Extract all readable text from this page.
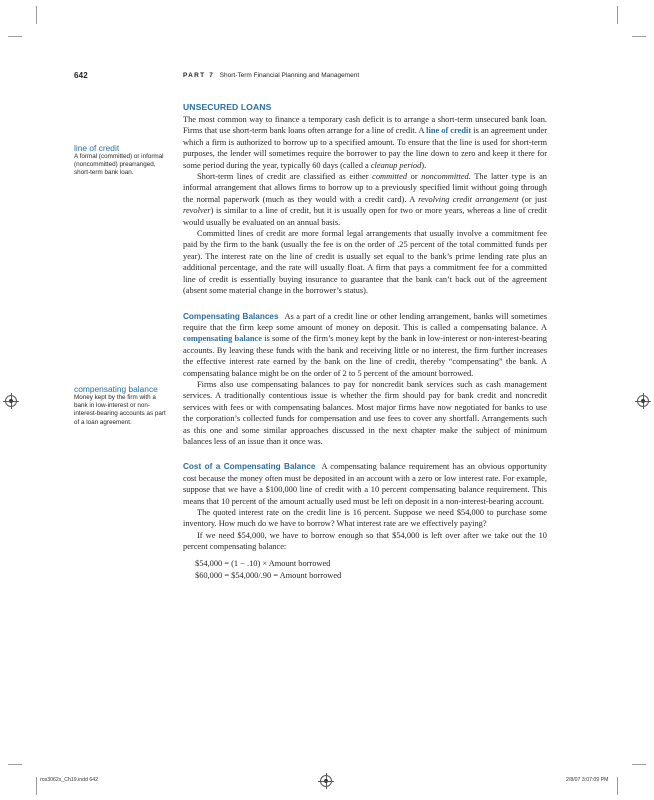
642	PART 7 Short-Term Financial Planning and Management
line of credit
A formal (committed) or informal (noncommitted) prearranged, short-term bank loan.
compensating balance
Money kept by the firm with a bank in low-interest or non-interest-bearing accounts as part of a loan agreement.
UNSECURED LOANS

The most common way to finance a temporary cash deficit is to arrange a short-term unsecured bank loan. Firms that use short-term bank loans often arrange for a line of credit. A line of credit is an agreement under which a firm is authorized to borrow up to a specified amount. To ensure that the line is used for short-term purposes, the lender will sometimes require the borrower to pay the line down to zero and keep it there for some period during the year, typically 60 days (called a cleanup period).

Short-term lines of credit are classified as either committed or noncommitted. The latter type is an informal arrangement that allows firms to borrow up to a previously specified limit without going through the normal paperwork (much as they would with a credit card). A revolving credit arrangement (or just revolver) is similar to a line of credit, but it is usually open for two or more years, whereas a line of credit would usually be evaluated on an annual basis.

Committed lines of credit are more formal legal arrangements that usually involve a commitment fee paid by the firm to the bank (usually the fee is on the order of .25 percent of the total committed funds per year). The interest rate on the line of credit is usually set equal to the bank’s prime lending rate plus an additional percentage, and the rate will usually float. A firm that pays a commitment fee for a committed line of credit is essentially buying insurance to guarantee that the bank can’t back out of the agreement (absent some material change in the borrower’s status).

Compensating Balances As a part of a credit line or other lending arrangement, banks will sometimes require that the firm keep some amount of money on deposit. This is called a compensating balance. A compensating balance is some of the firm’s money kept by the bank in low-interest or non-interest-bearing accounts. By leaving these funds with the bank and receiving little or no interest, the firm further increases the effective interest rate earned by the bank on the line of credit, thereby “compensating” the bank. A compensating balance might be on the order of 2 to 5 percent of the amount borrowed.

Firms also use compensating balances to pay for noncredit bank services such as cash management services. A traditionally contentious issue is whether the firm should pay for bank credit and noncredit services with fees or with compensating balances. Most major firms have now negotiated for banks to use the corporation’s collected funds for compensation and use fees to cover any shortfall. Arrangements such as this one and some similar approaches discussed in the next chapter make the subject of minimum balances less of an issue than it once was.

Cost of a Compensating Balance A compensating balance requirement has an obvious opportunity cost because the money often must be deposited in an account with a zero or low interest rate. For example, suppose that we have a $100,000 line of credit with a 10 percent compensating balance requirement. This means that 10 percent of the amount actually used must be left on deposit in a non-interest-bearing account.

The quoted interest rate on the credit line is 16 percent. Suppose we need $54,000 to purchase some inventory. How much do we have to borrow? What interest rate are we effectively paying?

If we need $54,000, we have to borrow enough so that $54,000 is left over after we take out the 10 percent compensating balance:

$54,000 = (1 − .10) × Amount borrowed
$60,000 = $54,000/.90 = Amount borrowed
ros3062x_Ch19.indd 642	2/8/07 3:07:09 PM
